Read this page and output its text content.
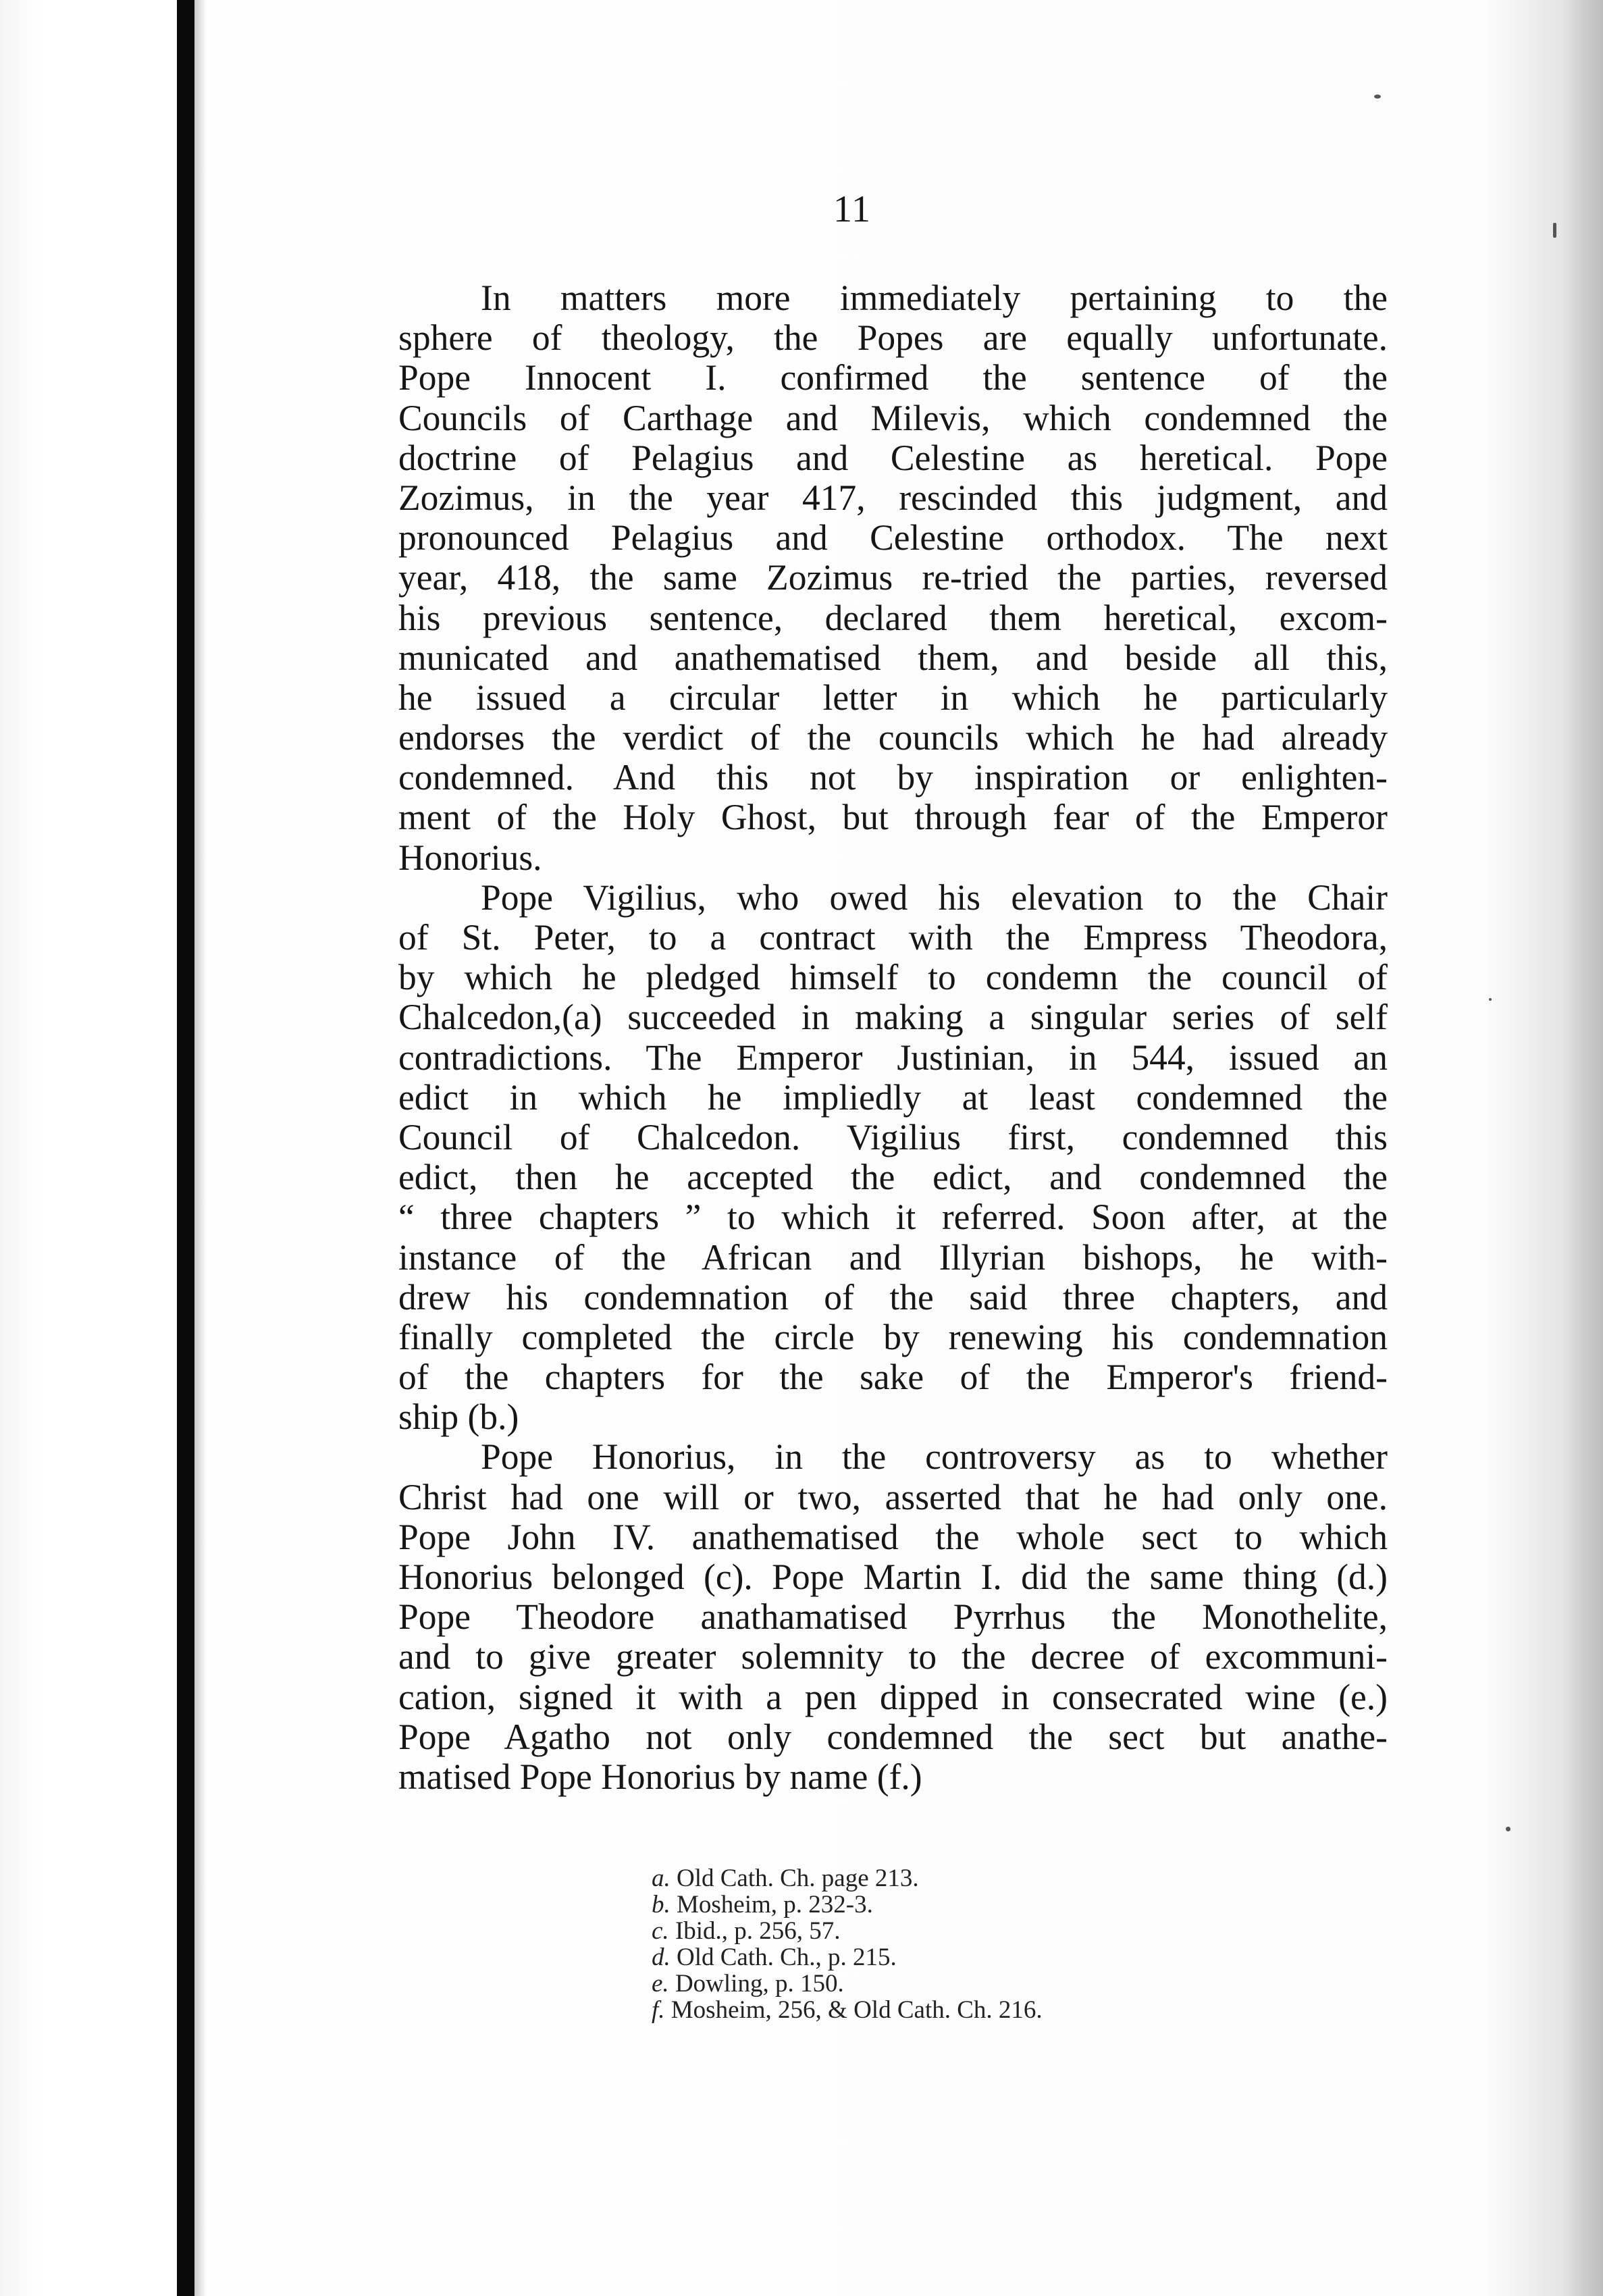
11
In matters more immediately pertaining to the
sphere of theology, the Popes are equally unfortunate.
Pope Innocent I. confirmed the sentence of the
Councils of Carthage and Milevis, which condemned the
doctrine of Pelagius and Celestine as heretical. Pope
Zozimus, in the year 417, rescinded this judgment, and
pronounced Pelagius and Celestine orthodox. The next
year, 418, the same Zozimus re-tried the parties, reversed
his previous sentence, declared them heretical, excom-
municated and anathematised them, and beside all this,
he issued a circular letter in which he particularly
endorses the verdict of the councils which he had already
condemned. And this not by inspiration or enlighten-
ment of the Holy Ghost, but through fear of the Emperor
Honorius.
Pope Vigilius, who owed his elevation to the Chair
of St. Peter, to a contract with the Empress Theodora,
by which he pledged himself to condemn the council of
Chalcedon,(a) succeeded in making a singular series of self
contradictions. The Emperor Justinian, in 544, issued an
edict in which he impliedly at least condemned the
Council of Chalcedon. Vigilius first, condemned this
edict, then he accepted the edict, and condemned the
“ three chapters ” to which it referred. Soon after, at the
instance of the African and Illyrian bishops, he with-
drew his condemnation of the said three chapters, and
finally completed the circle by renewing his condemnation
of the chapters for the sake of the Emperor's friend-
ship (b.)
Pope Honorius, in the controversy as to whether
Christ had one will or two, asserted that he had only one.
Pope John IV. anathematised the whole sect to which
Honorius belonged (c). Pope Martin I. did the same thing (d.)
Pope Theodore anathamatised Pyrrhus the Monothelite,
and to give greater solemnity to the decree of excommuni-
cation, signed it with a pen dipped in consecrated wine (e.)
Pope Agatho not only condemned the sect but anathe-
matised Pope Honorius by name (f.)
a. Old Cath. Ch. page 213.
b. Mosheim, p. 232-3.
c. Ibid., p. 256, 57.
d. Old Cath. Ch., p. 215.
e. Dowling, p. 150.
f. Mosheim, 256, & Old Cath. Ch. 216.
